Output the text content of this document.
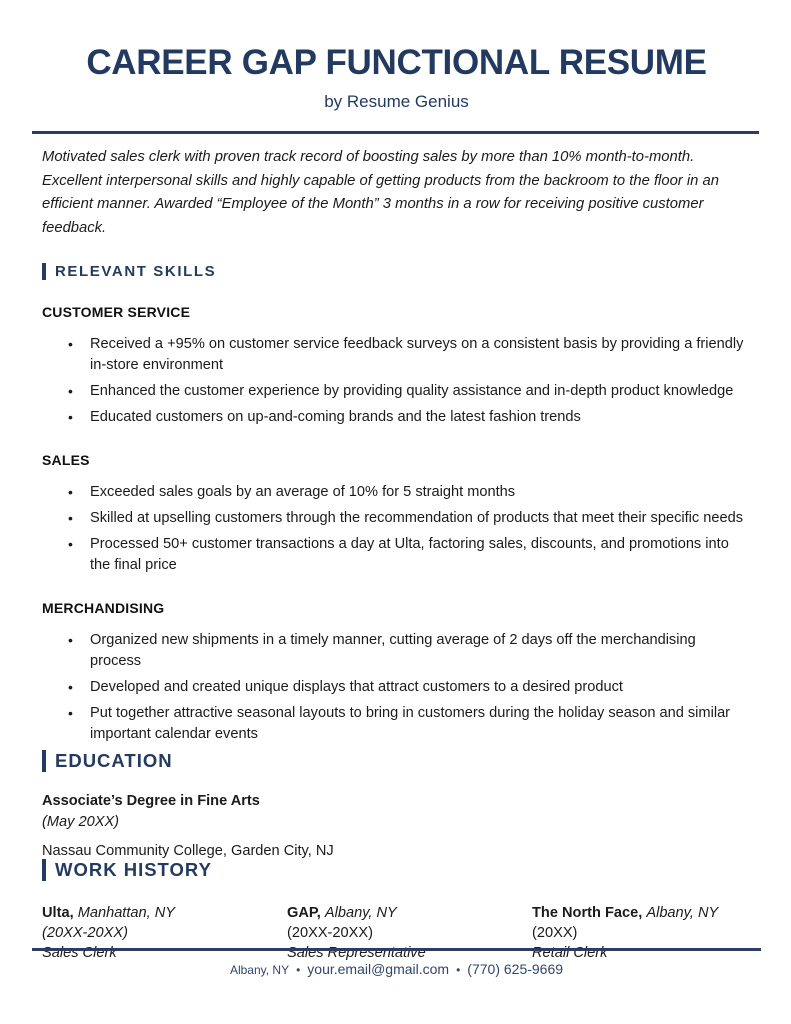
CAREER GAP FUNCTIONAL RESUME
by Resume Genius

Motivated sales clerk with proven track record of boosting sales by more than 10% month-to-month. Excellent interpersonal skills and highly capable of getting products from the backroom to the floor in an efficient manner. Awarded “Employee of the Month” 3 months in a row for receiving positive customer feedback.

RELEVANT SKILLS
CUSTOMER SERVICE
• Received a +95% on customer service feedback surveys on a consistent basis by providing a friendly in-store environment
• Enhanced the customer experience by providing quality assistance and in-depth product knowledge
• Educated customers on up-and-coming brands and the latest fashion trends
SALES
• Exceeded sales goals by an average of 10% for 5 straight months
• Skilled at upselling customers through the recommendation of products that meet their specific needs
• Processed 50+ customer transactions a day at Ulta, factoring sales, discounts, and promotions into the final price
MERCHANDISING
• Organized new shipments in a timely manner, cutting average of 2 days off the merchandising process
• Developed and created unique displays that attract customers to a desired product
• Put together attractive seasonal layouts to bring in customers during the holiday season and similar important calendar events
EDUCATION
Associate’s Degree in Fine Arts
(May 20XX)
Nassau Community College, Garden City, NJ
WORK HISTORY
Ulta, Manhattan, NY
(20XX-20XX)
Sales Clerk
GAP, Albany, NY
(20XX-20XX)
Sales Representative
The North Face, Albany, NY
(20XX)
Retail Clerk
Albany, NY • your.email@gmail.com • (770) 625-9669
